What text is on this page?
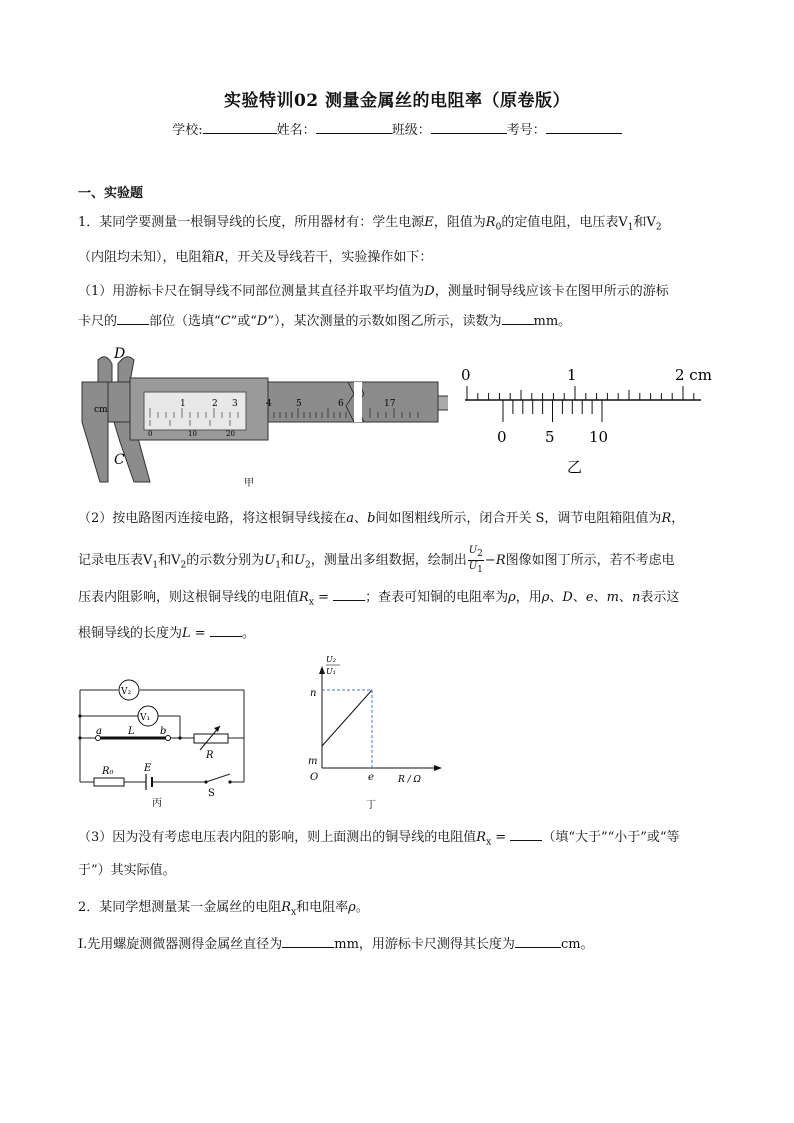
实验特训02 测量金属丝的电阻率（原卷版）
学校:	姓名：	班级：	考号：
一、实验题
1．某同学要测量一根铜导线的长度，所用器材有：学生电源E，阻值为$R_0$的定值电阻，电压表$V_1$和$V_2$
（内阻均未知），电阻箱R，开关及导线若干，实验操作如下：
（1）用游标卡尺在铜导线不同部位测量其直径并取平均值为D，测量时铜导线应该卡在图甲所示的游标
卡尺的 部位（选填“C”或“D”），某次测量的示数如图乙所示，读数为 mm。
cm
1	2 3
0	10	20
4	5	6	17
D
C
甲
0	1	2 cm
0	5 10
乙
（2）按电路图丙连接电路，将这根铜导线接在a、b间如图粗线所示，闭合开关 S，调节电阻箱阻值为R，
记录电压表$V_1$和$V_2$的示数分别为$U_1$和$U_2$，测量出多组数据，绘制出 $\frac{U_2}{U_1} -R$图像如图丁所示，若不考虑电
压表内阻影响，则这根铜导线的电阻值$R_x$ = ；查表可知铜的电阻率为ρ，用ρ、D、e、m、n表示这
根铜导线的长度为L = 。
V₂
V₁
a	L	b
R
R₀	E
S
丙
U₂
U₁
n
m
O	e	R / Ω
丁
（3）因为没有考虑电压表内阻的影响，则上面测出的铜导线的电阻值$R_x$ = （填“大于”“小于”或“等
于”）其实际值。
2．某同学想测量某一金属丝的电阻$R_x$和电阻率ρ。
Ⅰ.先用螺旋测微器测得金属丝直径为	mm，用游标卡尺测得其长度为	cm。
